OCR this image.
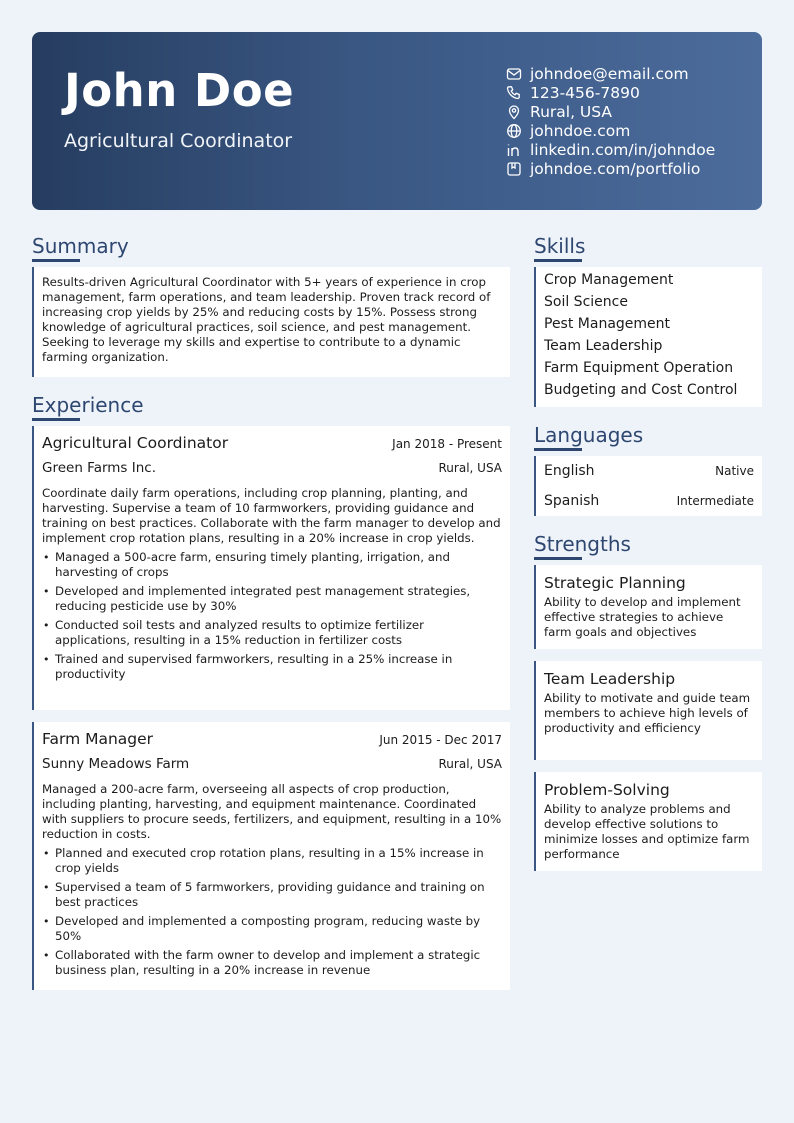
John Doe
Agricultural Coordinator
johndoe@email.com
123-456-7890
Rural, USA
johndoe.com
linkedin.com/in/johndoe
johndoe.com/portfolio
Summary

Results-driven Agricultural Coordinator with 5+ years of experience in crop management, farm operations, and team leadership. Proven track record of increasing crop yields by 25% and reducing costs by 15%. Possess strong knowledge of agricultural practices, soil science, and pest management. Seeking to leverage my skills and expertise to contribute to a dynamic farming organization.

Experience
Agricultural Coordinator	Jan 2018 - Present
Green Farms Inc.	Rural, USA

Coordinate daily farm operations, including crop planning, planting, and harvesting. Supervise a team of 10 farmworkers, providing guidance and training on best practices. Collaborate with the farm manager to develop and implement crop rotation plans, resulting in a 20% increase in crop yields.

• Managed a 500-acre farm, ensuring timely planting, irrigation, and harvesting of crops
• Developed and implemented integrated pest management strategies, reducing pesticide use by 30%
• Conducted soil tests and analyzed results to optimize fertilizer applications, resulting in a 15% reduction in fertilizer costs
• Trained and supervised farmworkers, resulting in a 25% increase in productivity
Farm Manager	Jun 2015 - Dec 2017
Sunny Meadows Farm	Rural, USA

Managed a 200-acre farm, overseeing all aspects of crop production, including planting, harvesting, and equipment maintenance. Coordinated with suppliers to procure seeds, fertilizers, and equipment, resulting in a 10% reduction in costs.

• Planned and executed crop rotation plans, resulting in a 15% increase in crop yields
• Supervised a team of 5 farmworkers, providing guidance and training on best practices
• Developed and implemented a composting program, reducing waste by 50%
• Collaborated with the farm owner to develop and implement a strategic business plan, resulting in a 20% increase in revenue
Skills
Crop Management
Soil Science
Pest Management
Team Leadership
Farm Equipment Operation
Budgeting and Cost Control
Languages
English	Native
Spanish	Intermediate
Strengths
Strategic Planning
Ability to develop and implement effective strategies to achieve farm goals and objectives
Team Leadership
Ability to motivate and guide team members to achieve high levels of productivity and efficiency
Problem-Solving
Ability to analyze problems and develop effective solutions to minimize losses and optimize farm performance
